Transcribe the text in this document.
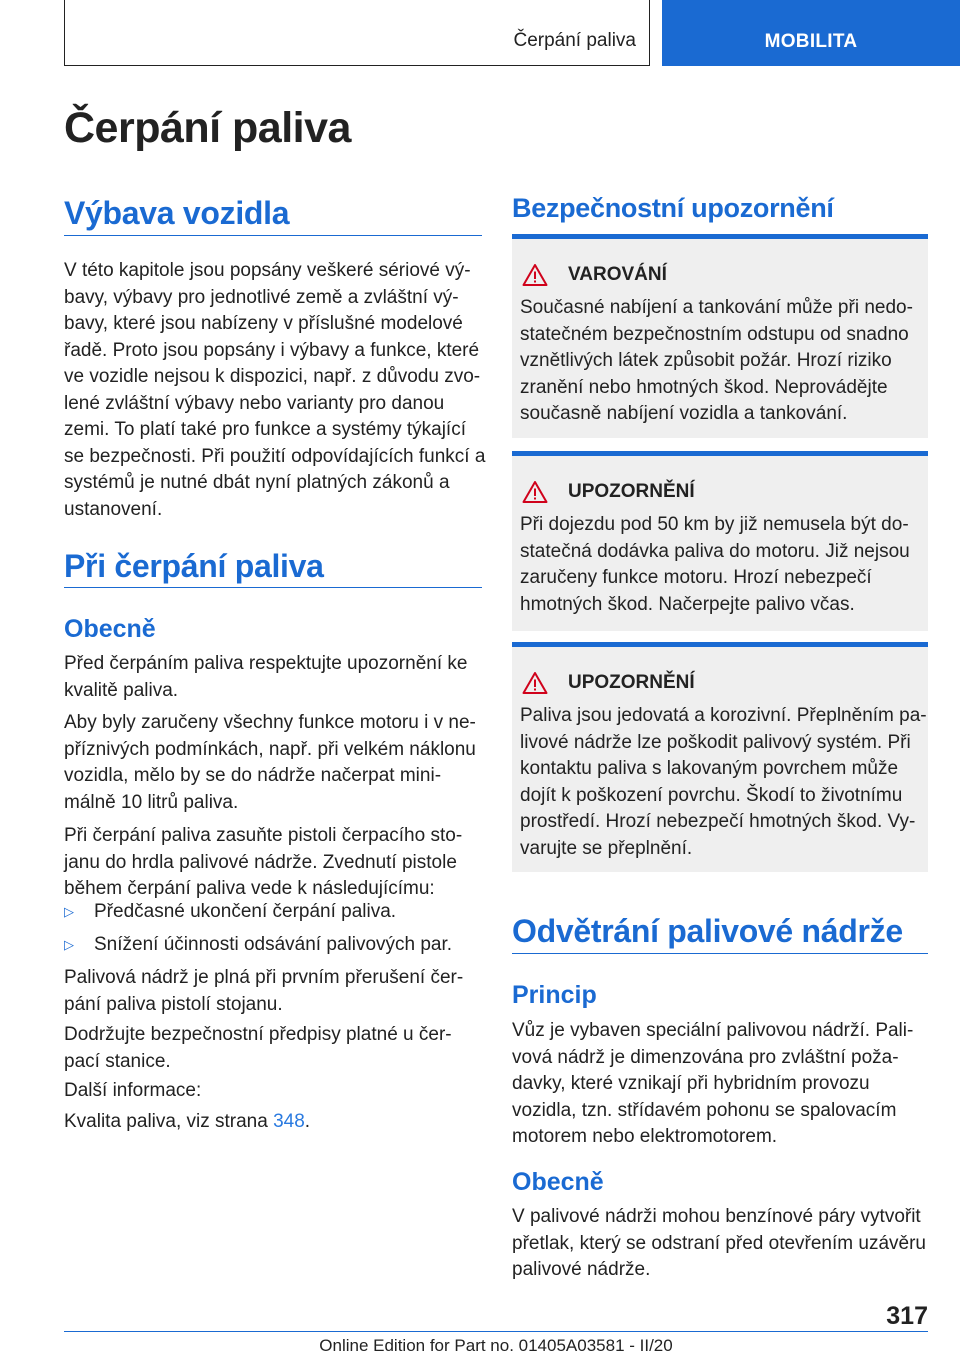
Čerpání paliva	MOBILITA
Čerpání paliva
Výbava vozidla
V této kapitole jsou popsány veškeré sériové vý-
bavy, výbavy pro jednotlivé země a zvláštní vý-
bavy, které jsou nabízeny v příslušné modelové
řadě. Proto jsou popsány i výbavy a funkce, které
ve vozidle nejsou k dispozici, např. z důvodu zvo-
lené zvláštní výbavy nebo varianty pro danou
zemi. To platí také pro funkce a systémy týkající
se bezpečnosti. Při použití odpovídajících funkcí a
systémů je nutné dbát nyní platných zákonů a
ustanovení.
Při čerpání paliva
Obecně
Před čerpáním paliva respektujte upozornění ke
kvalitě paliva.
Aby byly zaručeny všechny funkce motoru i v ne-
příznivých podmínkách, např. při velkém náklonu
vozidla, mělo by se do nádrže načerpat mini-
málně 10 litrů paliva.
Při čerpání paliva zasuňte pistoli čerpacího sto-
janu do hrdla palivové nádrže. Zvednutí pistole
během čerpání paliva vede k následujícímu:
▷ Předčasné ukončení čerpání paliva.
▷ Snížení účinnosti odsávání palivových par.
Palivová nádrž je plná při prvním přerušení čer-
pání paliva pistolí stojanu.
Dodržujte bezpečnostní předpisy platné u čer-
pací stanice.
Další informace:
Kvalita paliva, viz strana 348.
Bezpečnostní upozornění
VAROVÁNÍ
Současné nabíjení a tankování může při nedo-
statečném bezpečnostním odstupu od snadno
vznětlivých látek způsobit požár. Hrozí riziko
zranění nebo hmotných škod. Neprovádějte
současně nabíjení vozidla a tankování.
UPOZORNĚNÍ
Při dojezdu pod 50 km by již nemusela být do-
statečná dodávka paliva do motoru. Již nejsou
zaručeny funkce motoru. Hrozí nebezpečí
hmotných škod. Načerpejte palivo včas.
UPOZORNĚNÍ
Paliva jsou jedovatá a korozivní. Přeplněním pa-
livové nádrže lze poškodit palivový systém. Při
kontaktu paliva s lakovaným povrchem může
dojít k poškození povrchu. Škodí to životnímu
prostředí. Hrozí nebezpečí hmotných škod. Vy-
varujte se přeplnění.
Odvětrání palivové nádrže
Princip
Vůz je vybaven speciální palivovou nádrží. Pali-
vová nádrž je dimenzována pro zvláštní poža-
davky, které vznikají při hybridním provozu
vozidla, tzn. střídavém pohonu se spalovacím
motorem nebo elektromotorem.
Obecně
V palivové nádrži mohou benzínové páry vytvořit
přetlak, který se odstraní před otevřením uzávěru
palivové nádrže.
317
Online Edition for Part no. 01405A03581 - II/20
